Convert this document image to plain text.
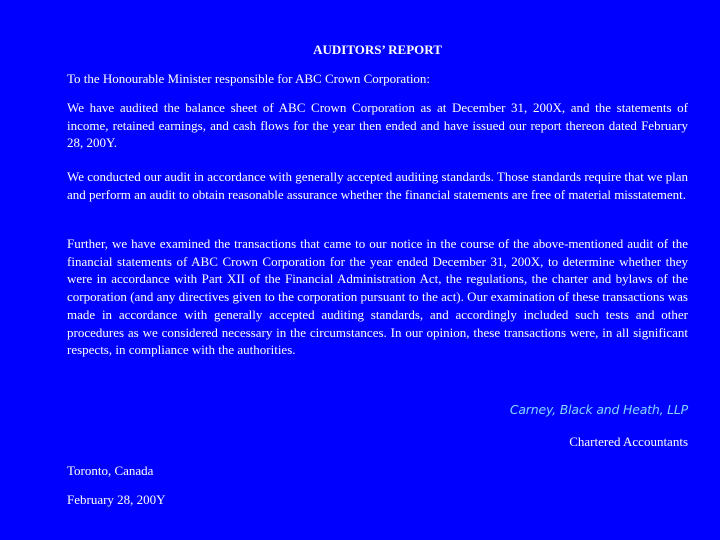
AUDITORS’ REPORT

To the Honourable Minister responsible for ABC Crown Corporation:

We have audited the balance sheet of ABC Crown Corporation as at December 31, 200X, and the statements of income, retained earnings, and cash flows for the year then ended and have issued our report thereon dated February 28, 200Y.

We conducted our audit in accordance with generally accepted auditing standards. Those standards require that we plan and perform an audit to obtain reasonable assurance whether the financial statements are free of material misstatement.

Further, we have examined the transactions that came to our notice in the course of the above-mentioned audit of the financial statements of ABC Crown Corporation for the year ended December 31, 200X, to determine whether they were in accordance with Part XII of the Financial Administration Act, the regulations, the charter and bylaws of the corporation (and any directives given to the corporation pursuant to the act). Our examination of these transactions was made in accordance with generally accepted auditing standards, and accordingly included such tests and other procedures as we considered necessary in the circumstances. In our opinion, these transactions were, in all significant respects, in compliance with the authorities.

Carney, Black and Heath, LLP
Chartered Accountants

Toronto, Canada

February 28, 200Y
